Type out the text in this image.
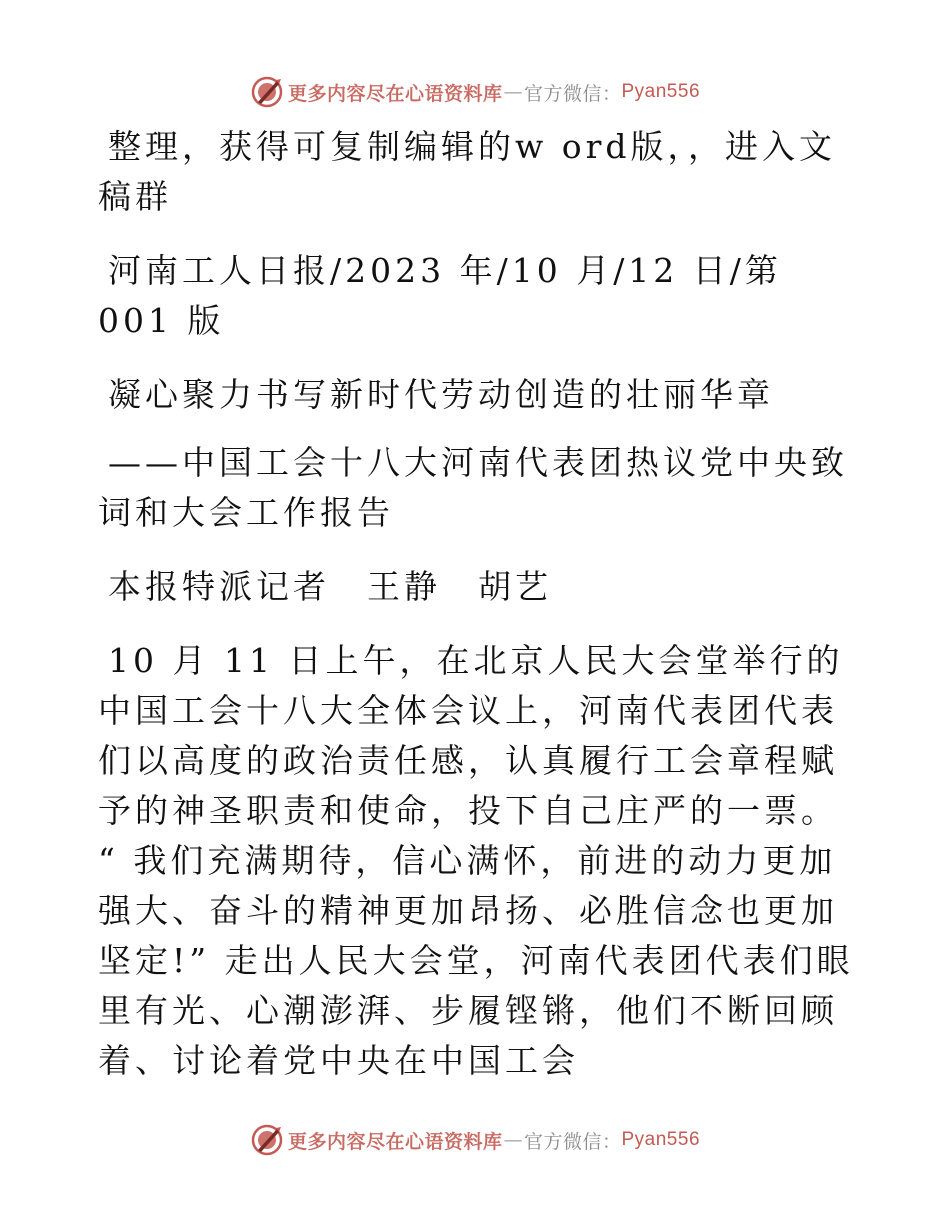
更多内容尽在心语资料库 — 官方微信： Pyan556

整理，获得可复制编辑的w ord版，，进入文稿群

河南工人日报/2023 年/10 月/12 日/第 001 版

凝心聚力书写新时代劳动创造的壮丽华章

——中国工会十八大河南代表团热议党中央致词和大会工作报告

本报特派记者　王静　胡艺

10 月 11 日上午，在北京人民大会堂举行的中国工会十八大全体会议上，河南代表团代表们以高度的政治责任感，认真履行工会章程赋予的神圣职责和使命，投下自己庄严的一票。 “ 我们充满期待，信心满怀，前进的动力更加强大、奋斗的精神更加昂扬、必胜信念也更加坚定!” 走出人民大会堂，河南代表团代表们眼里有光、心潮澎湃、步履铿锵，他们不断回顾着、讨论着党中央在中国工会

更多内容尽在心语资料库 — 官方微信： Pyan556
